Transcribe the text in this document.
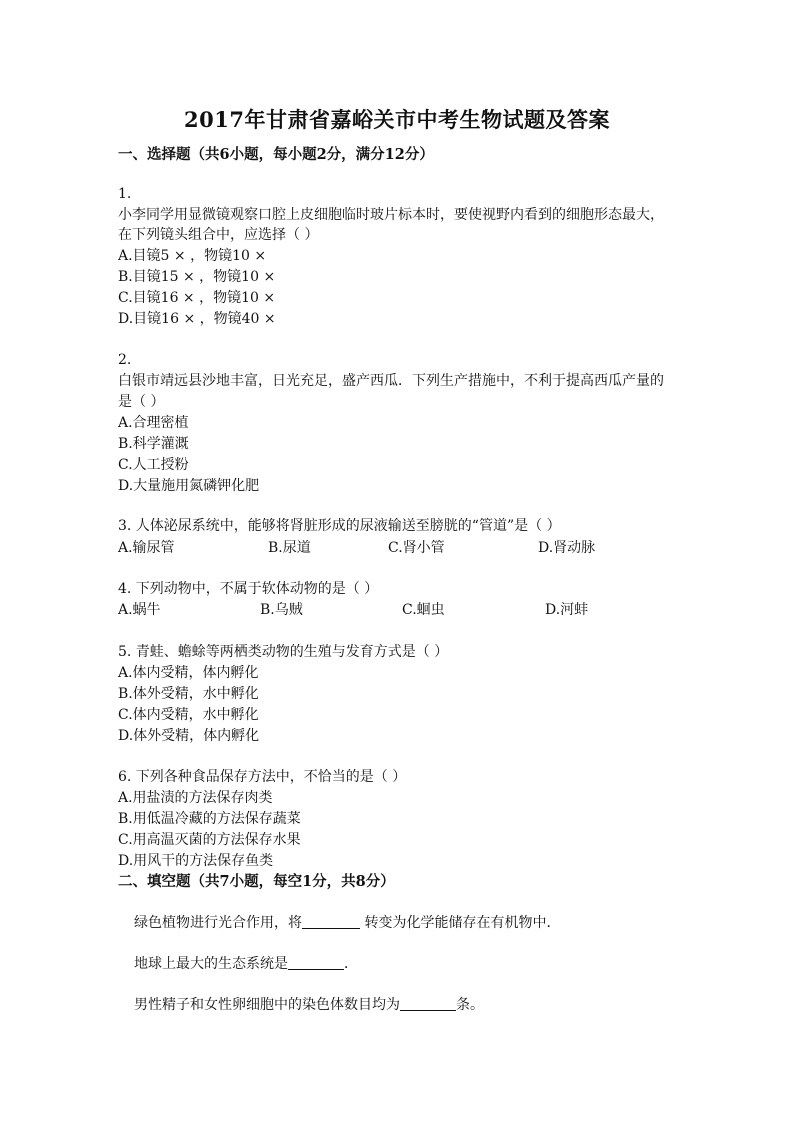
2017年甘肃省嘉峪关市中考生物试题及答案
一、选择题（共6小题，每小题2分，满分12分）
1.
小李同学用显微镜观察口腔上皮细胞临时玻片标本时，要使视野内看到的细胞形态最大，
在下列镜头组合中，应选择（ ）
A.目镜5 × ，物镜10 ×
B.目镜15 × ，物镜10 ×
C.目镜16 × ，物镜10 ×
D.目镜16 × ，物镜40 ×
2.
白银市靖远县沙地丰富，日光充足，盛产西瓜．下列生产措施中，不利于提高西瓜产量的
是（ ）
A.合理密植
B.科学灌溉
C.人工授粉
D.大量施用氮磷钾化肥
3. 人体泌尿系统中，能够将肾脏形成的尿液输送至膀胱的“管道”是（ ）
A.输尿管	B.尿道	C.肾小管	D.肾动脉
4. 下列动物中，不属于软体动物的是（ ）
A.蜗牛	B.乌贼	C.蛔虫	D.河蚌
5. 青蛙、蟾蜍等两栖类动物的生殖与发育方式是（ ）
A.体内受精，体内孵化
B.体外受精，水中孵化
C.体内受精，水中孵化
D.体外受精，体内孵化
6. 下列各种食品保存方法中，不恰当的是（ ）
A.用盐渍的方法保存肉类
B.用低温冷藏的方法保存蔬菜
C.用高温灭菌的方法保存水果
D.用风干的方法保存鱼类
二、填空题（共7小题，每空1分，共8分）
绿色植物进行光合作用，将	转变为化学能储存在有机物中．
地球上最大的生态系统是	．
男性精子和女性卵细胞中的染色体数目均为	条。
